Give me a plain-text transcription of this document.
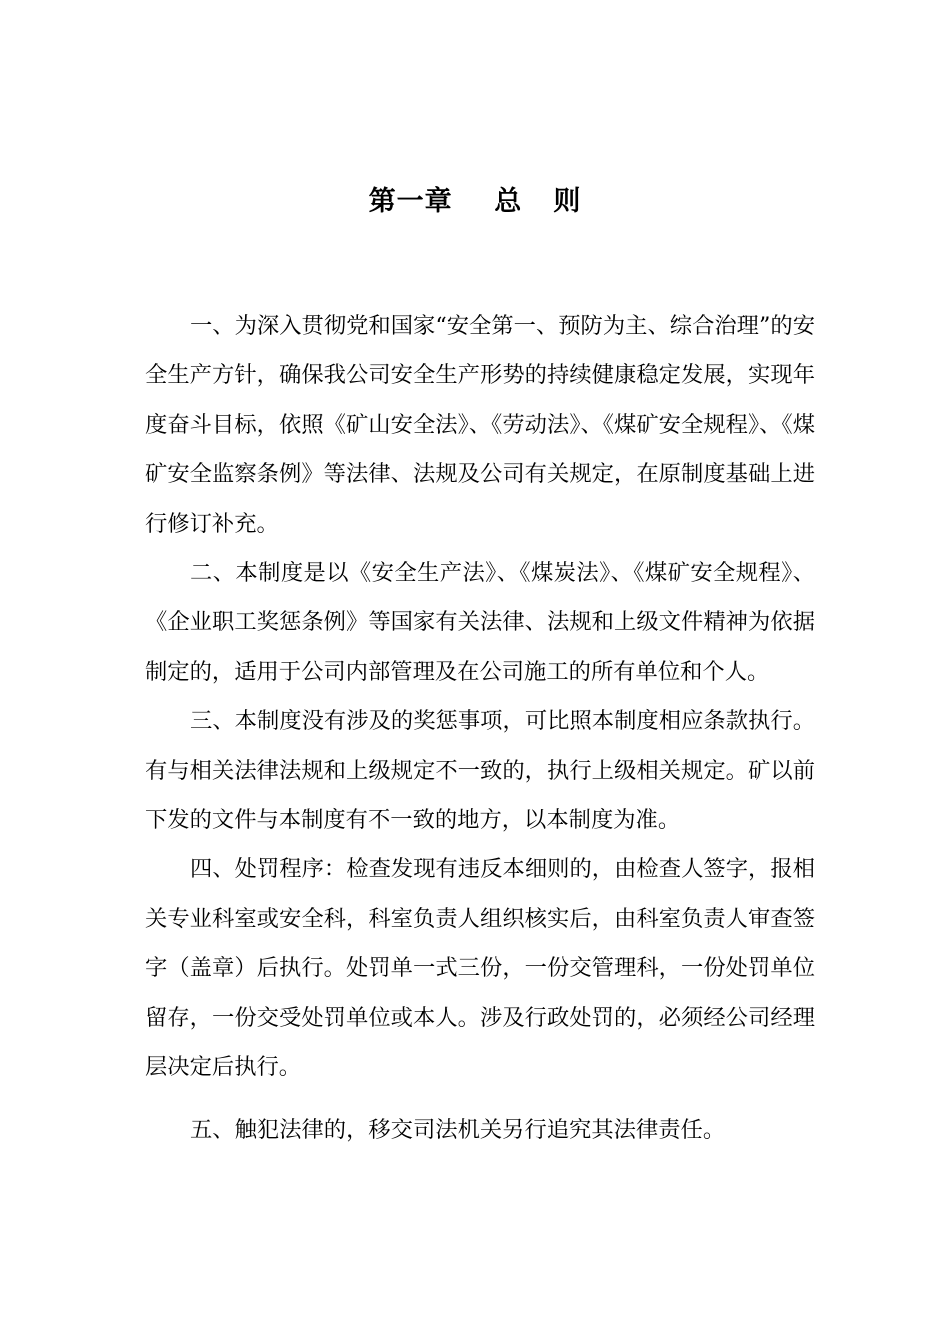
第一章    总   则

一、为深入贯彻党和国家“安全第一、预防为主、综合治理”的安全生产方针，确保我公司安全生产形势的持续健康稳定发展，实现年度奋斗目标，依照《矿山安全法》、《劳动法》、《煤矿安全规程》、《煤矿安全监察条例》等法律、法规及公司有关规定，在原制度基础上进行修订补充。

二、本制度是以《安全生产法》、《煤炭法》、《煤矿安全规程》、《企业职工奖惩条例》等国家有关法律、法规和上级文件精神为依据制定的，适用于公司内部管理及在公司施工的所有单位和个人。

三、本制度没有涉及的奖惩事项，可比照本制度相应条款执行。有与相关法律法规和上级规定不一致的，执行上级相关规定。矿以前下发的文件与本制度有不一致的地方，以本制度为准。

四、处罚程序：检查发现有违反本细则的，由检查人签字，报相关专业科室或安全科，科室负责人组织核实后，由科室负责人审查签字（盖章）后执行。处罚单一式三份，一份交管理科，一份处罚单位留存，一份交受处罚单位或本人。涉及行政处罚的，必须经公司经理层决定后执行。

五、触犯法律的，移交司法机关另行追究其法律责任。
